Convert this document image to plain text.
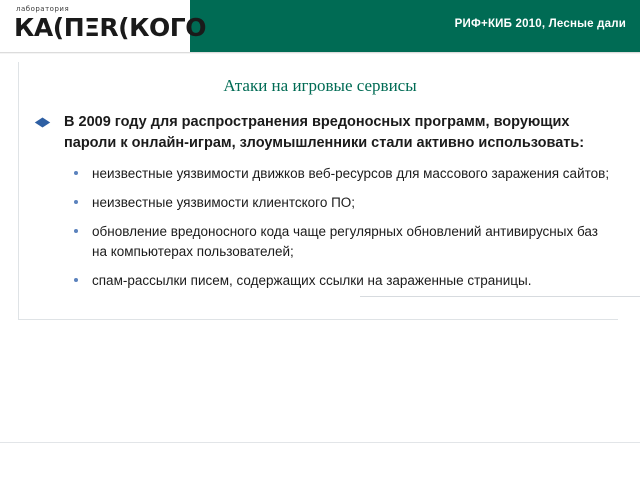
РИФ+КИБ 2010, Лесные дали
лаборатория
КА(ПΞR(КОГО
Атаки на игровые сервисы
В 2009 году для распространения вредоносных программ, ворующих пароли к онлайн-играм, злоумышленники стали активно использовать:
неизвестные уязвимости движков веб-ресурсов для массового заражения сайтов;
неизвестные уязвимости клиентского ПО;
обновление вредоносного кода чаще регулярных обновлений антивирусных баз на компьютерах пользователей;
спам-рассылки писем, содержащих ссылки на зараженные страницы.
